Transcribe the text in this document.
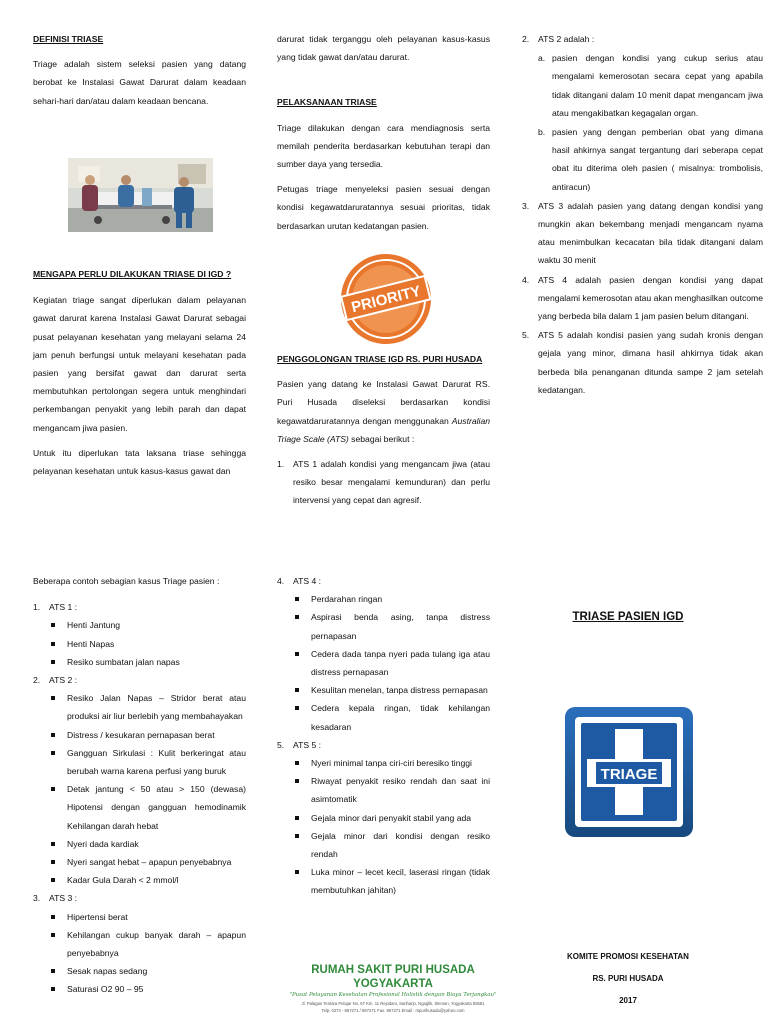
DEFINISI TRIASE

Triage adalah sistem seleksi pasien yang datang berobat ke Instalasi Gawat Darurat dalam keadaan sehari-hari dan/atau dalam keadaan bencana.

MENGAPA PERLU DILAKUKAN TRIASE DI IGD ?

Kegiatan triage sangat diperlukan dalam pelayanan gawat darurat karena Instalasi Gawat Darurat sebagai pusat pelayanan kesehatan yang melayani selama 24 jam penuh berfungsi untuk melayani kesehatan pada pasien yang bersifat gawat dan darurat serta membutuhkan pertolongan segera untuk menghindari perkembangan penyakit yang lebih parah dan dapat mengancam jiwa pasien.

Untuk itu diperlukan tata laksana triase sehingga pelayanan kesehatan untuk kasus-kasus gawat dan

darurat tidak terganggu oleh pelayanan kasus-kasus yang tidak gawat dan/atau darurat.

PELAKSANAAN TRIASE

Triage dilakukan dengan cara mendiagnosis serta memilah penderita berdasarkan kebutuhan terapi dan sumber daya yang tersedia.

Petugas triage menyeleksi pasien sesuai dengan kondisi kegawatdaruratannya sesuai prioritas, tidak berdasarkan urutan kedatangan pasien.

PRIORITY
PENGGOLONGAN TRIASE IGD RS. PURI HUSADA

Pasien yang datang ke Instalasi Gawat Darurat RS. Puri Husada diseleksi berdasarkan kondisi kegawatdaruratannya dengan menggunakan Australian Triage Scale (ATS) sebagai berikut :

1. ATS 1 adalah kondisi yang mengancam jiwa (atau resiko besar mengalami kemunduran) dan perlu intervensi yang cepat dan agresif.

2. ATS 2 adalah :

a. pasien dengan kondisi yang cukup serius atau mengalami kemerosotan secara cepat yang apabila tidak ditangani dalam 10 menit dapat mengancam jiwa atau mengakibatkan kegagalan organ.

b. pasien yang dengan pemberian obat yang dimana hasil ahkirnya sangat tergantung dari seberapa cepat obat itu diterima oleh pasien ( misalnya: trombolisis, antiracun)

3. ATS 3 adalah pasien yang datang dengan kondisi yang mungkin akan bekembang menjadi mengancam nyama atau menimbulkan kecacatan bila tidak ditangani dalam waktu 30 menit

4. ATS 4 adalah pasien dengan kondisi yang dapat mengalami kemerosotan atau akan menghasilkan outcome yang berbeda bila dalam 1 jam pasien belum ditangani.

5. ATS 5 adalah kondisi pasien yang sudah kronis dengan gejala yang minor, dimana hasil ahkirnya tidak akan berbeda bila penanganan ditunda sampe 2 jam setelah kedatangan.

Beberapa contoh sebagian kasus Triage pasien :

1. ATS 1 :

Henti Jantung

Henti Napas

Resiko sumbatan jalan napas

2. ATS 2 :

Resiko Jalan Napas – Stridor berat atau produksi air liur berlebih yang membahayakan

Distress / kesukaran pernapasan berat

Gangguan Sirkulasi : Kulit berkeringat atau berubah warna karena perfusi yang buruk

Detak jantung < 50 atau > 150 (dewasa) Hipotensi dengan gangguan hemodinamik Kehilangan darah hebat

Nyeri dada kardiak

Nyeri sangat hebat – apapun penyebabnya

Kadar Gula Darah < 2 mmol/l

3. ATS 3 :

Hipertensi berat

Kehilangan cukup banyak darah – apapun penyebabnya

Sesak napas sedang

Saturasi O2 90 – 95

4. ATS 4 :

Perdarahan ringan

Aspirasi benda asing, tanpa distress pernapasan

Cedera dada tanpa nyeri pada tulang iga atau distress pernapasan

Kesulitan menelan, tanpa distress pernapasan

Cedera kepala ringan, tidak kehilangan kesadaran

5. ATS 5 :

Nyeri minimal tanpa ciri-ciri beresiko tinggi

Riwayat penyakit resiko rendah dan saat ini asimtomatik

Gejala minor dari penyakit stabil yang ada

Gejala minor dari kondisi dengan resiko rendah

Luka minor – lecet kecil, laserasi ringan (tidak membutuhkan jahitan)

RUMAH SAKIT PURI HUSADA YOGYAKARTA
"Pusat Pelayanan Kesehatan Profesional Holistik dengan Biaya Terjangkau"
Jl. Palagan Tentara Pelajar No. 67 Km. 11 Rejodani, Sariharjo, Ngaglik, Sleman, Yogyakarta 55581
Telp. 0274 - 867271 / 867271 Fax. 867271 Email : rspurihusada@yahoo.com
TRIASE PASIEN IGD
TRIAGE
KOMITE PROMOSI KESEHATAN
RS. PURI HUSADA
2017
